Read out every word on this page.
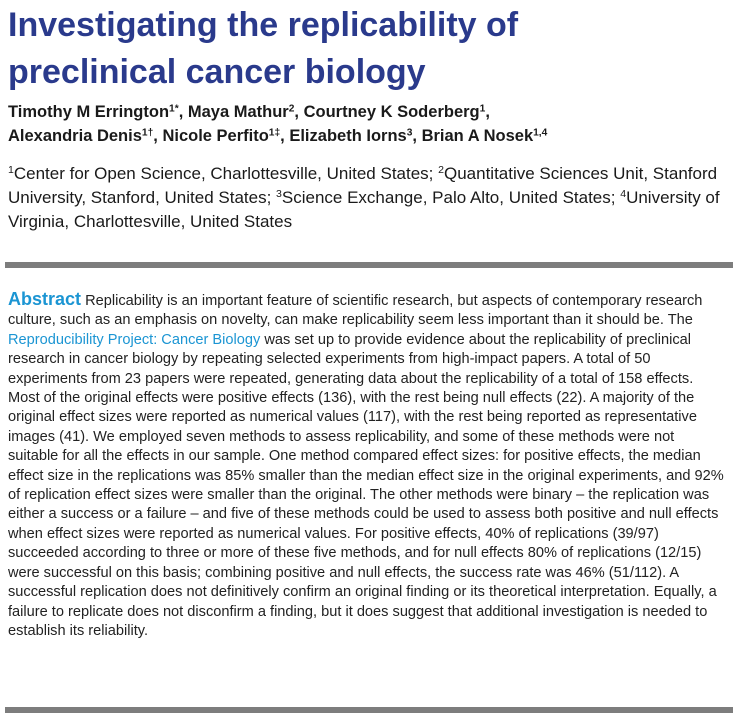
Investigating the replicability of
preclinical cancer biology

Timothy M Errington$^{1*}$, Maya Mathur$^2$, Courtney K Soderberg$^1$,
Alexandria Denis$^{1\dagger}$, Nicole Perfito$^{1\ddagger}$, Elizabeth Iorns$^3$, Brian A Nosek$^{1,4}$

$^1$Center for Open Science, Charlottesville, United States; $^2$Quantitative Sciences Unit, Stanford University, Stanford, United States; $^3$Science Exchange, Palo Alto, United States; $^4$University of Virginia, Charlottesville, United States

Abstract Replicability is an important feature of scientific research, but aspects of contemporary research culture, such as an emphasis on novelty, can make replicability seem less important than it should be. The Reproducibility Project: Cancer Biology was set up to provide evidence about the replicability of preclinical research in cancer biology by repeating selected experiments from high-impact papers. A total of 50 experiments from 23 papers were repeated, generating data about the replicability of a total of 158 effects. Most of the original effects were positive effects (136), with the rest being null effects (22). A majority of the original effect sizes were reported as numerical values (117), with the rest being reported as representative images (41). We employed seven methods to assess replicability, and some of these methods were not suitable for all the effects in our sample. One method compared effect sizes: for positive effects, the median effect size in the replications was 85% smaller than the median effect size in the original experiments, and 92% of replication effect sizes were smaller than the original. The other methods were binary – the replication was either a success or a failure – and five of these methods could be used to assess both positive and null effects when effect sizes were reported as numerical values. For positive effects, 40% of replications (39/97) succeeded according to three or more of these five methods, and for null effects 80% of replications (12/15) were successful on this basis; combining positive and null effects, the success rate was 46% (51/112). A successful replication does not definitively confirm an original finding or its theoretical interpretation. Equally, a failure to replicate does not disconfirm a finding, but it does suggest that additional investigation is needed to establish its reliability.
